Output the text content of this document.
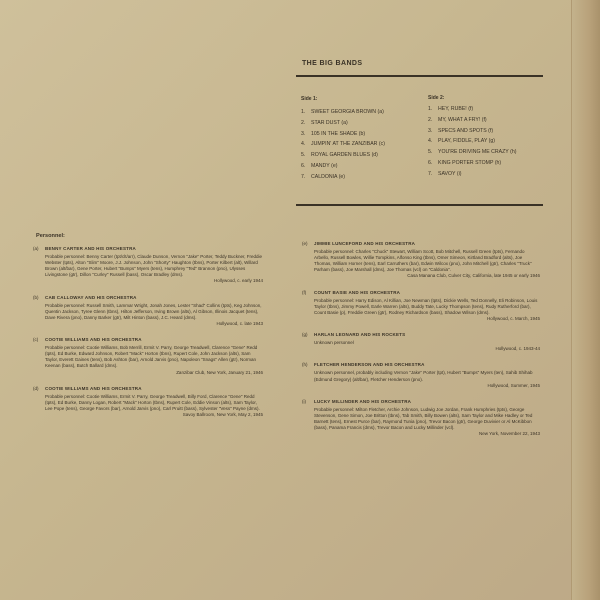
THE BIG BANDS
Side 1:
1. SWEET GEORGIA BROWN (a)
2. STAR DUST (a)
3. 105 IN THE SHADE (b)
4. JUMPIN' AT THE ZANZIBAR (c)
5. ROYAL GARDEN BLUES (d)
6. MANDY (e)
7. CALDONIA (e)
Side 2:
1. HEY, RUBE! (f)
2. MY, WHAT A FRY! (f)
3. SPECS AND SPOTS (f)
4. PLAY, FIDDLE, PLAY (g)
5. YOU'RE DRIVING ME CRAZY (h)
6. KING PORTER STOMP (h)
7. SAVOY (i)
Personnel:
(a) BENNY CARTER AND HIS ORCHESTRA
Probable personnel: Benny Carter (tpt/clt/arr), Claude Dunson, Vernon "Jake" Porter, Teddy Buckner, Freddie Webster (tpts), Alton "Slim" Moore, J.J. Johnson, John "Shorty" Haughton (tbns), Porter Kilbert (alt), Willard Brown (alt/bar), Gene Porter, Hubert "Bumps" Myers (tens), Humphrey "Ted" Brannon (pno), Ulysses Livingstone (gtr), Dillon "Curley" Russell (bass), Oscar Bradley (dms).
Hollywood, c. early 1944
(b) CAB CALLOWAY AND HIS ORCHESTRA
Probable personnel: Russell Smith, Lammar Wright, Jonah Jones, Lester "Shad" Collins (tpts), Keg Johnson, Quentin Jackson, Tyree Glenn (tbns), Hilton Jefferson, Irving Brown (alts), Al Gibson, Illinois Jacquet (tens), Dave Rivera (pno), Danny Barker (gtr), Milt Hinton (bass), J.C. Heard (dms).
Hollywood, c. late 1943
(c) COOTIE WILLIAMS AND HIS ORCHESTRA
Probable personnel: Cootie Williams, Bob Merrill, Ermit V. Parry, George Treadwell, Clarence "Gene" Redd (tpts), Ed Burke, Edward Johnson, Robert "Mack" Horton (tbns), Rupert Cole, John Jackson (alts), Sam Taylor, Everett Gaines (tens), Bob Ashton (bar), Arnold Jarvis (pno), Napoleon "Snags" Allen (gtr), Norman Keenan (bass), Butch Ballard (dms).
Zanzibar Club, New York, January 21, 1946
(d) COOTIE WILLIAMS AND HIS ORCHESTRA
Probable personnel: Cootie Williams, Ermit V. Parry, George Treadwell, Billy Ford, Clarence "Gene" Redd (tpts), Ed Burke, Danny Logan, Robert "Mack" Horton (tbns), Rupert Cole, Eddie Vinson (alts), Sam Taylor, Lee Pope (tens), George Favors (bar), Arnold Jarvis (pno), Carl Pruitt (bass), Sylvester "Vess" Payne (dms).
Savoy Ballroom, New York, May 2, 1945
(e) JIMMIE LUNCEFORD AND HIS ORCHESTRA
Probable personnel: Charles "Chuck" Stewart, William Scott, Bob Mitchell, Russell Green (tpts), Fernando Arbello, Russell Bowles, Willie Tompkins, Alfonso King (tbns), Omer Simeon, Kirtland Bradford (alts), Joe Thomas, William Horner (tens), Earl Carruthers (bar), Edwin Wilcox (pno), John Mitchell (gtr), Charles "Truck" Parham (bass), Joe Marshall (dms), Joe Thomas (vcl) on "Caldonia".
Casa Manana Club, Culver City, California, late 1945 or early 1946
(f) COUNT BASIE AND HIS ORCHESTRA
Probable personnel: Harry Edison, Al Killian, Joe Newman (tpts), Dickie Wells, Ted Donnelly, Eli Robinson, Louis Taylor (tbns), Jimmy Powell, Earle Warren (alts), Buddy Tate, Lucky Thompson (tens), Rudy Rutherford (bar), Count Basie (p), Freddie Green (gtr), Rodney Richardson (bass), Shadow Wilson (dms).
Hollywood, c. March, 1945
(g) HARLAN LEONARD AND HIS ROCKETS
Unknown personnel
Hollywood, c. 1943-44
(h) FLETCHER HENDERSON AND HIS ORCHESTRA
Unknown personnel, probably including Vernon "Jake" Porter (tpt), Hubert "Bumps" Myers (ten), Sahib Shihab (Edmund Gregory) (alt/bar), Fletcher Henderson (pno).
Hollywood, Summer, 1945
(i) LUCKY MILLINDER AND HIS ORCHESTRA
Probable personnel: Milton Fletcher, Archie Johnson, Ludwig Joe Jordan, Frank Humphries (tpts), George Stevenson, Gene Simon, Joe Britton (tbns), Tab Smith, Billy Bowen (alts), Sam Taylor and Mike Hadley or Ted Barnett (tens), Ernest Purce (bar), Raymond Tunia (pno), Trevor Bacon (gtr), George Duvivier or Al McKibbon (bass), Panama Francis (dms), Trevor Bacon and Lucky Millinder (vcl).
New York, November 22, 1943
